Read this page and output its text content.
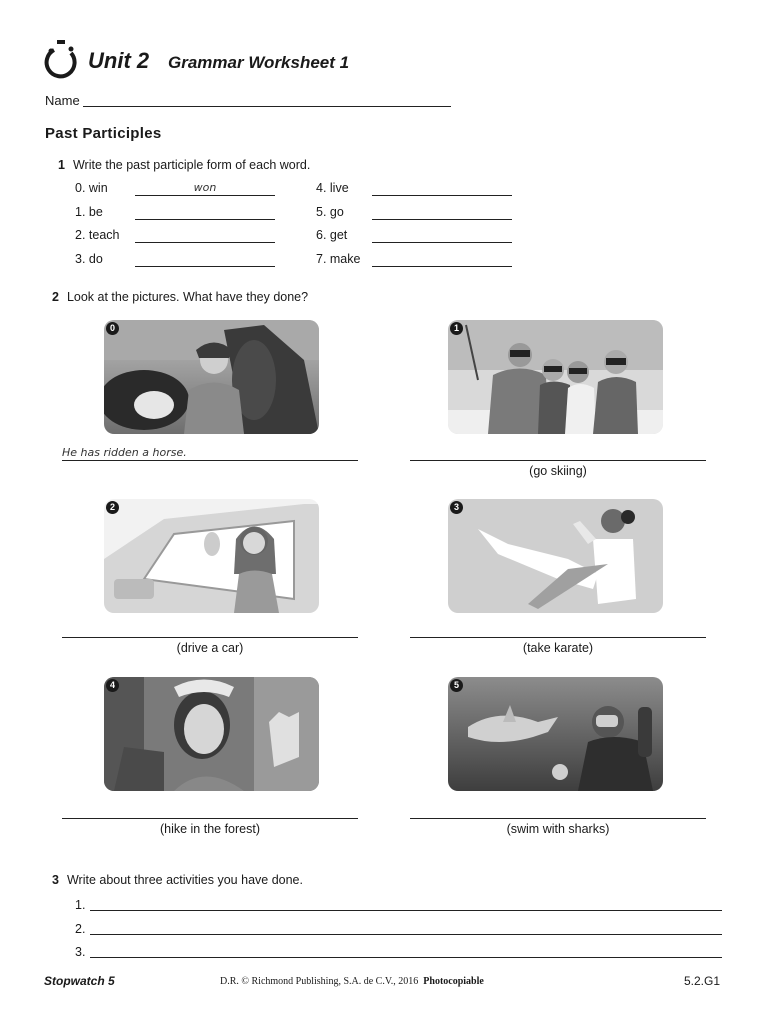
Unit 2 Grammar Worksheet 1
Name
Past Participles
1 Write the past participle form of each word.
0. win	won
1. be
2. teach
3. do
4. live
5. go
6. get
7. make
2 Look at the pictures. What have they done?
0
He has ridden a horse.
1
(go skiing)
2
(drive a car)
3
(take karate)
4
(hike in the forest)
5
(swim with sharks)
3 Write about three activities you have done.
1.
2.
3.
Stopwatch 5	D.R. © Richmond Publishing, S.A. de C.V., 2016 Photocopiable	5.2.G1
